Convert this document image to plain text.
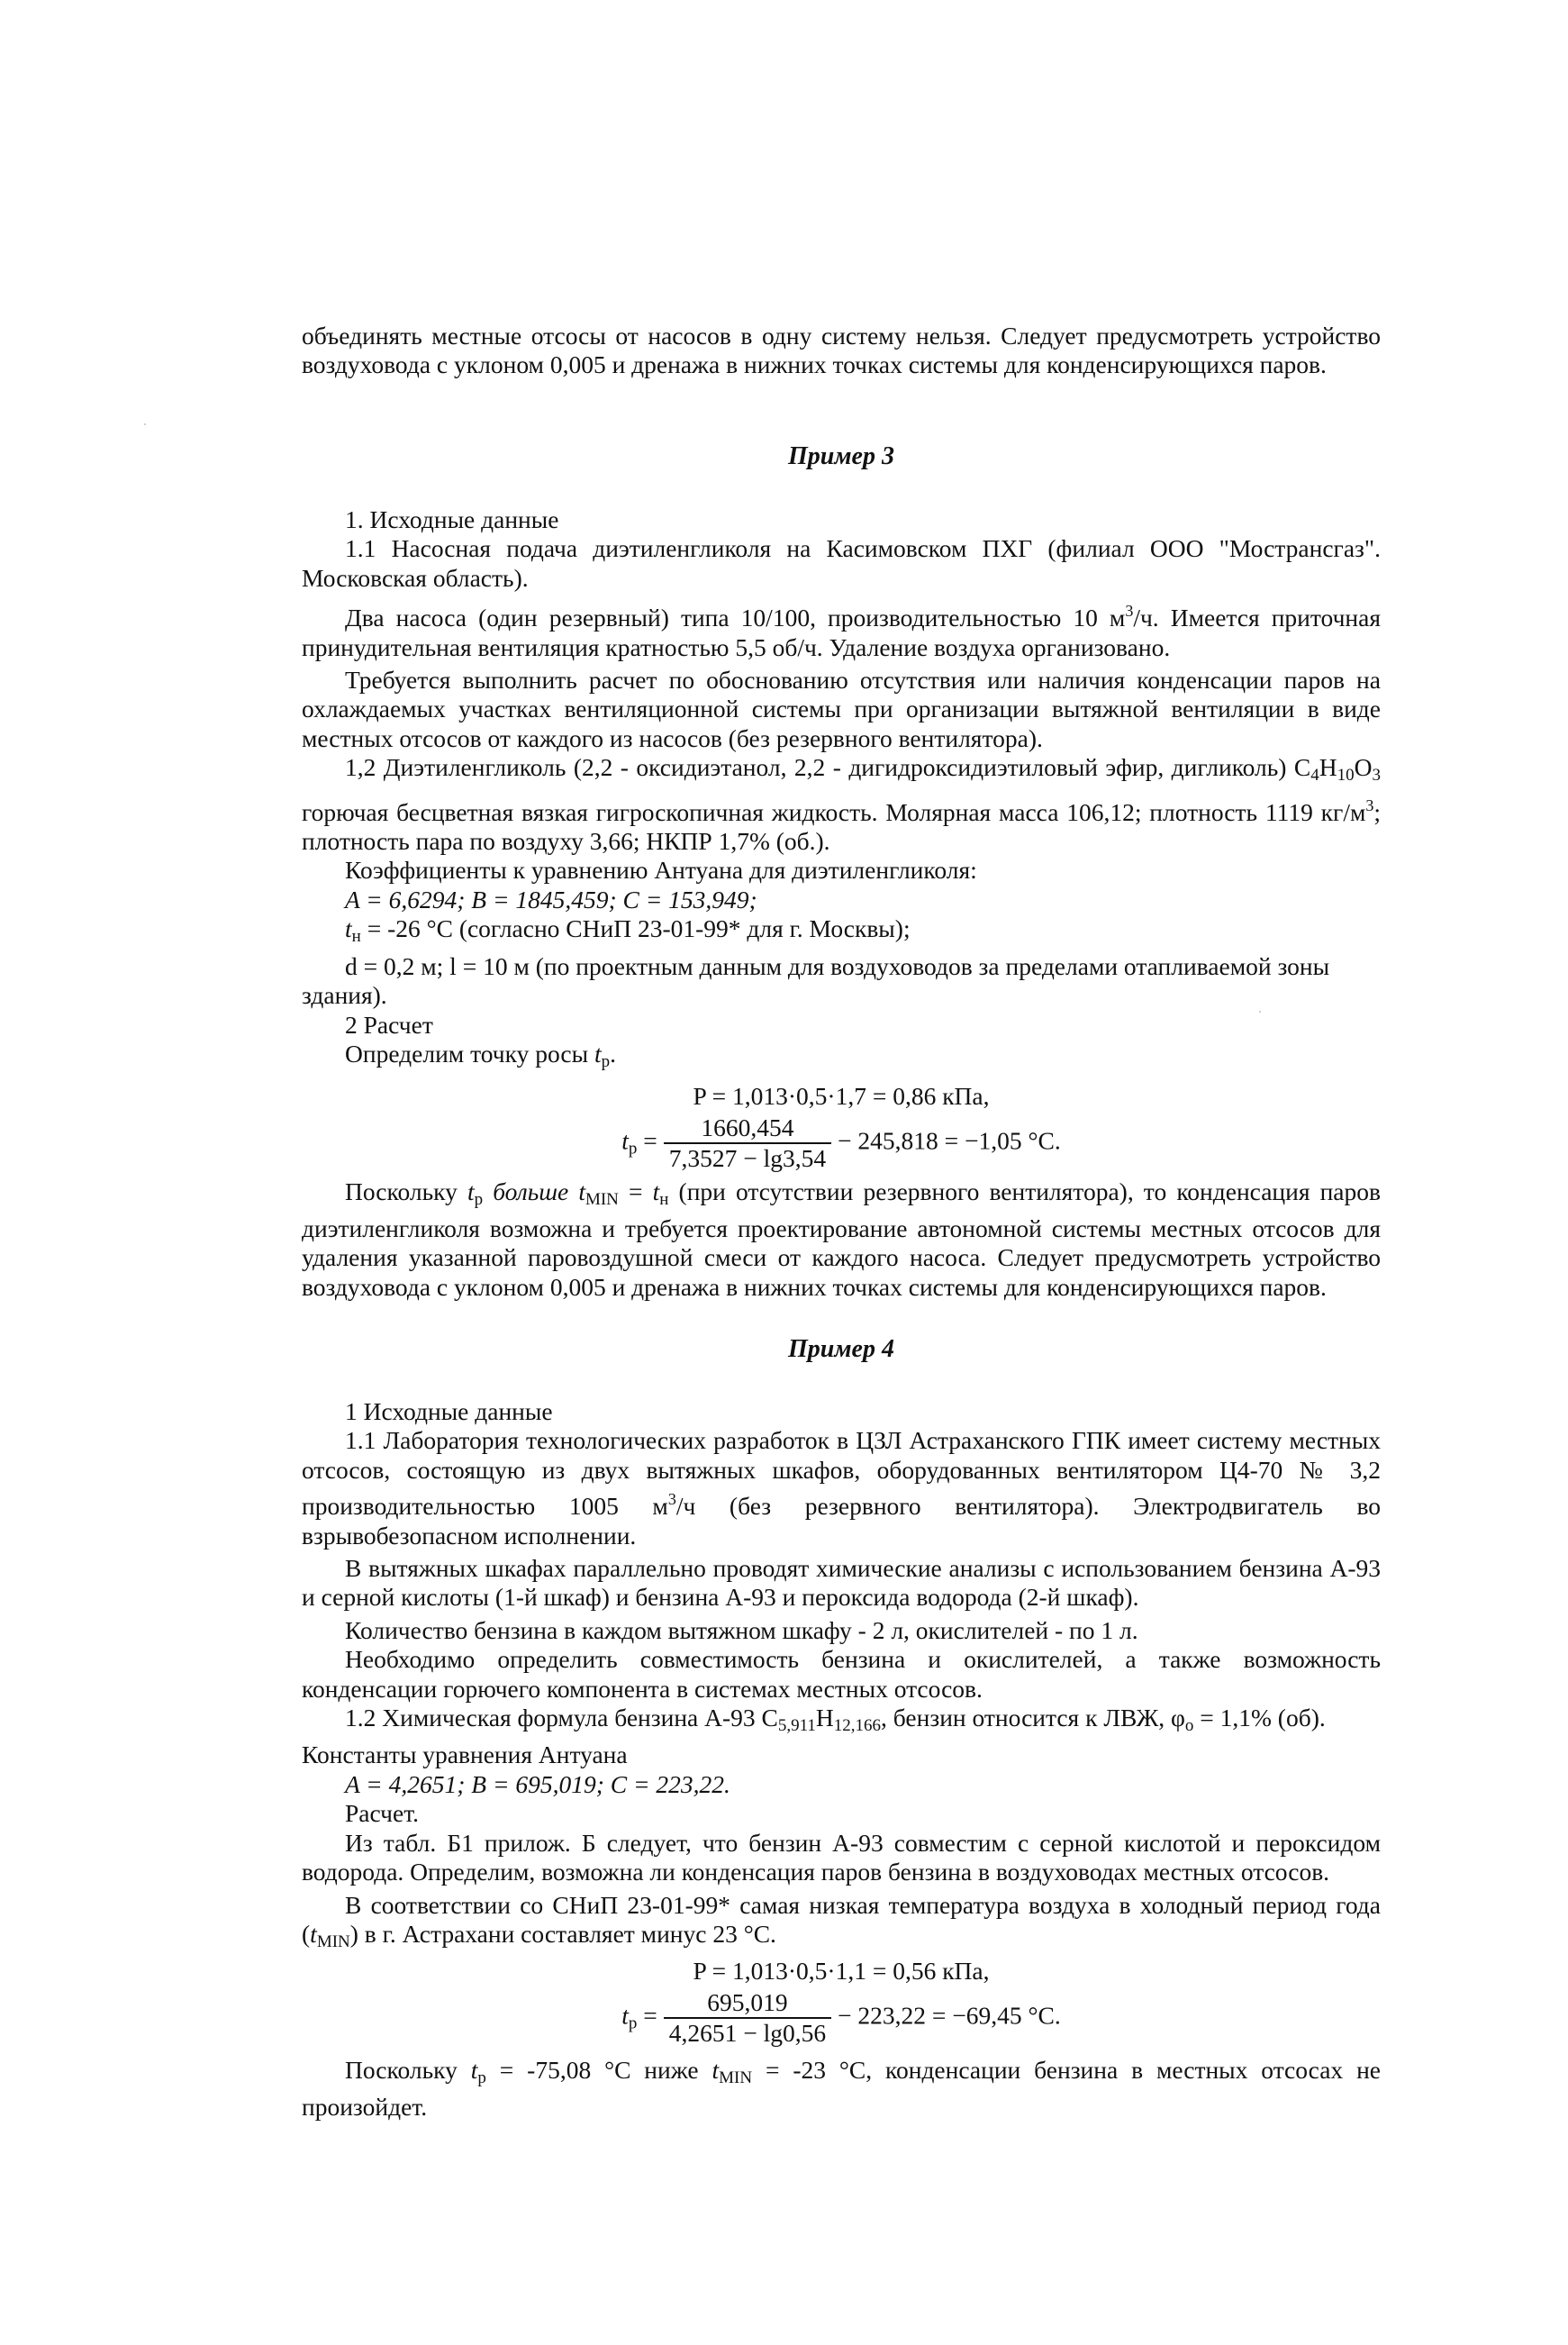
объединять местные отсосы от насосов в одну систему нельзя. Следует предусмотреть устройство воздуховода с уклоном 0,005 и дренажа в нижних точках системы для конденсирующихся паров.

Пример 3

1. Исходные данные

1.1 Насосная подача диэтиленгликоля на Касимовском ПХГ (филиал ООО "Мострансгаз". Московская область).

Два насоса (один резервный) типа 10/100, производительностью 10 $м^3/ч$. Имеется приточная принудительная вентиляция кратностью 5,5 об/ч. Удаление воздуха организовано.

Требуется выполнить расчет по обоснованию отсутствия или наличия конденсации паров на охлаждаемых участках вентиляционной системы при организации вытяжной вентиляции в виде местных отсосов от каждого из насосов (без резервного вентилятора).

1,2 Диэтиленгликоль (2,2 - оксидиэтанол, 2,2 - дигидроксидиэтиловый эфир, дигликоль) $C_4H_{10}O_3$ горючая бесцветная вязкая гигроскопичная жидкость. Молярная масса 106,12; плотность 1119 $кг/м^3$; плотность пара по воздуху 3,66; НКПР 1,7% (об.).

Коэффициенты к уравнению Антуана для диэтиленгликоля:

A = 6,6294; B = 1845,459; C = 153,949;

$t_н = -26$ °С (согласно СНиП 23-01-99* для г. Москвы);

d = 0,2 м; l = 10 м (по проектным данным для воздуховодов за пределами отапливаемой зоны здания).

2 Расчет

Определим точку росы $t_р$.

P = 1,013·0,5·1,7 = 0,86 кПа,

$t_p = \frac{1660,454}{7,3527 - \lg 3,54} - 245,818 = -1,05$ °C.

Поскольку $t_р$ больше $t_{MIN} = t_н$ (при отсутствии резервного вентилятора), то конденсация паров диэтиленгликоля возможна и требуется проектирование автономной системы местных отсосов для удаления указанной паровоздушной смеси от каждого насоса. Следует предусмотреть устройство воздуховода с уклоном 0,005 и дренажа в нижних точках системы для конденсирующихся паров.

Пример 4

1 Исходные данные

1.1 Лаборатория технологических разработок в ЦЗЛ Астраханского ГПК имеет систему местных отсосов, состоящую из двух вытяжных шкафов, оборудованных вентилятором Ц4-70 № 3,2 производительностью 1005 $м^3/ч$ (без резервного вентилятора). Электродвигатель во взрывобезопасном исполнении.

В вытяжных шкафах параллельно проводят химические анализы с использованием бензина А-93 и серной кислоты (1-й шкаф) и бензина А-93 и пероксида водорода (2-й шкаф).

Количество бензина в каждом вытяжном шкафу - 2 л, окислителей - по 1 л.

Необходимо определить совместимость бензина и окислителей, а также возможность конденсации горючего компонента в системах местных отсосов.

1.2 Химическая формула бензина А-93 $C_{5,911}H_{12,166}$, бензин относится к ЛВЖ, $\varphi_о = 1,1\%$ (об).

Константы уравнения Антуана

A = 4,2651; B = 695,019; C = 223,22.

Расчет.

Из табл. Б1 прилож. Б следует, что бензин А-93 совместим с серной кислотой и пероксидом водорода. Определим, возможна ли конденсация паров бензина в воздуховодах местных отсосов.

В соответствии со СНиП 23-01-99* самая низкая температура воздуха в холодный период года $(t_{MIN})$ в г. Астрахани составляет минус 23 °С.

P = 1,013·0,5·1,1 = 0,56 кПа,

$t_p = \frac{695,019}{4,2651 - \lg 0,56} - 223,22 = -69,45$ °C.

Поскольку $t_р = -75,08$ °С ниже $t_{MIN} = -23$ °С, конденсации бензина в местных отсосах не произойдет.
